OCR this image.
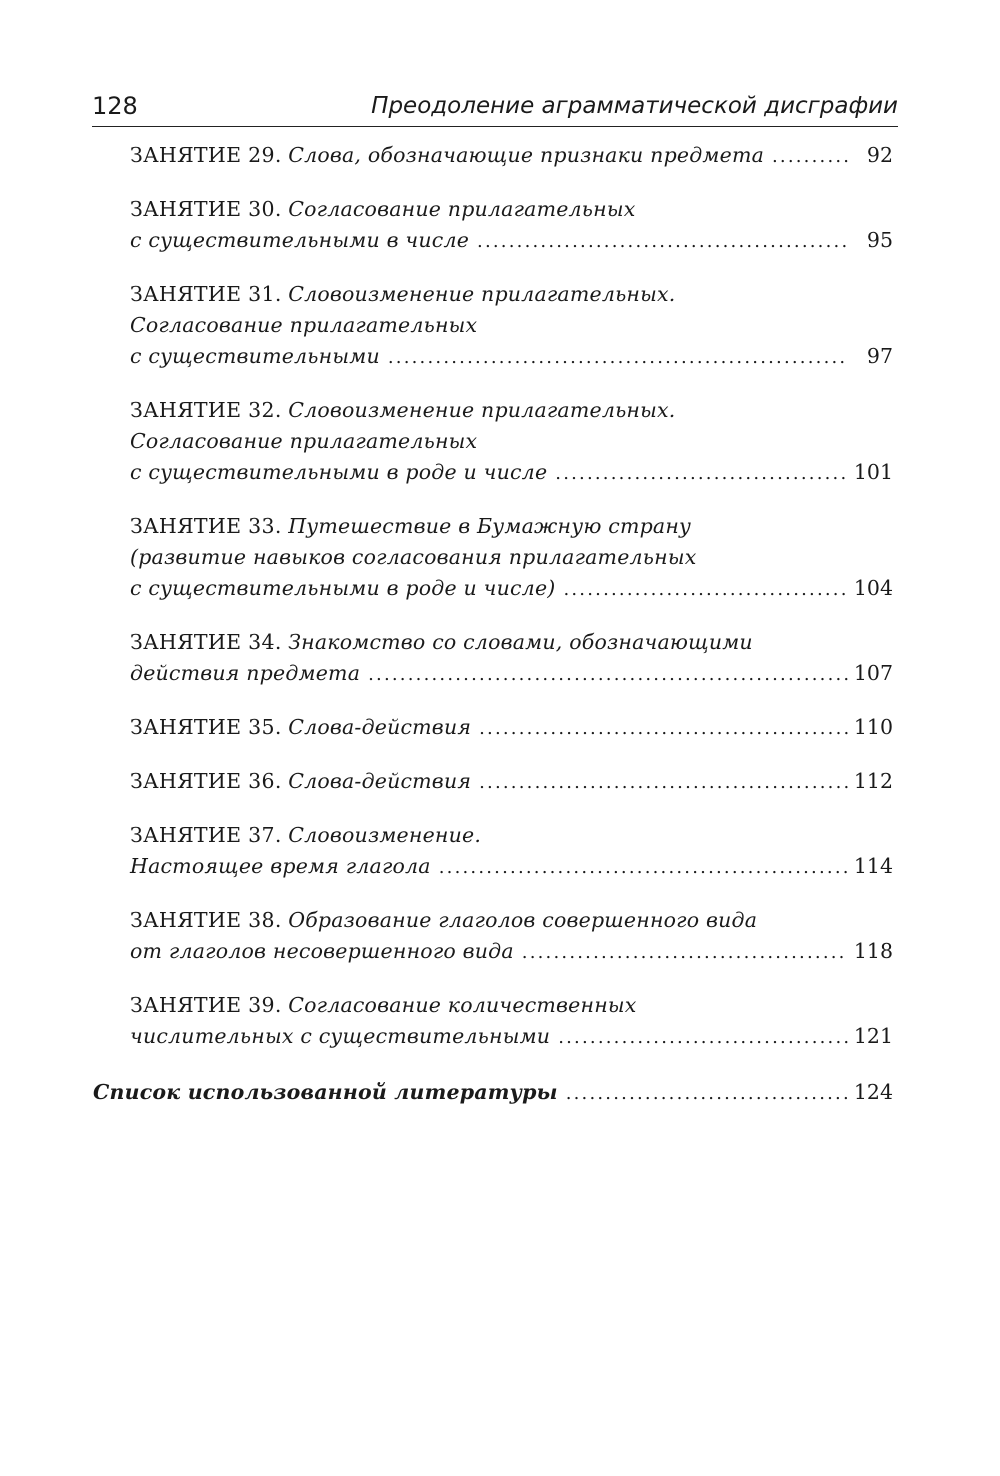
128	Преодоление аграмматической дисграфии
ЗАНЯТИЕ 29.
Слова, обозначающие признаки предмета .....	92
ЗАНЯТИЕ 30.
Согласование прилагательных
с существительными в числе .....	95
ЗАНЯТИЕ 31.
Словоизменение прилагательных.
Согласование прилагательных
с существительными .....	97
ЗАНЯТИЕ 32.
Словоизменение прилагательных.
Согласование прилагательных
с существительными в роде и числе .....	101
ЗАНЯТИЕ 33.
Путешествие в Бумажную страну
(развитие навыков согласования прилагательных
с существительными в роде и числе) .....	104
ЗАНЯТИЕ 34.
Знакомство со словами, обозначающими
действия предмета .....	107
ЗАНЯТИЕ 35.
Слова-действия .....	110
ЗАНЯТИЕ 36.
Слова-действия .....	112
ЗАНЯТИЕ 37.
Словоизменение.
Настоящее время глагола .....	114
ЗАНЯТИЕ 38.
Образование глаголов совершенного вида
от глаголов несовершенного вида .....	118
ЗАНЯТИЕ 39.
Согласование количественных
числительных с существительными .....	121
Список использованной литературы .....	124
